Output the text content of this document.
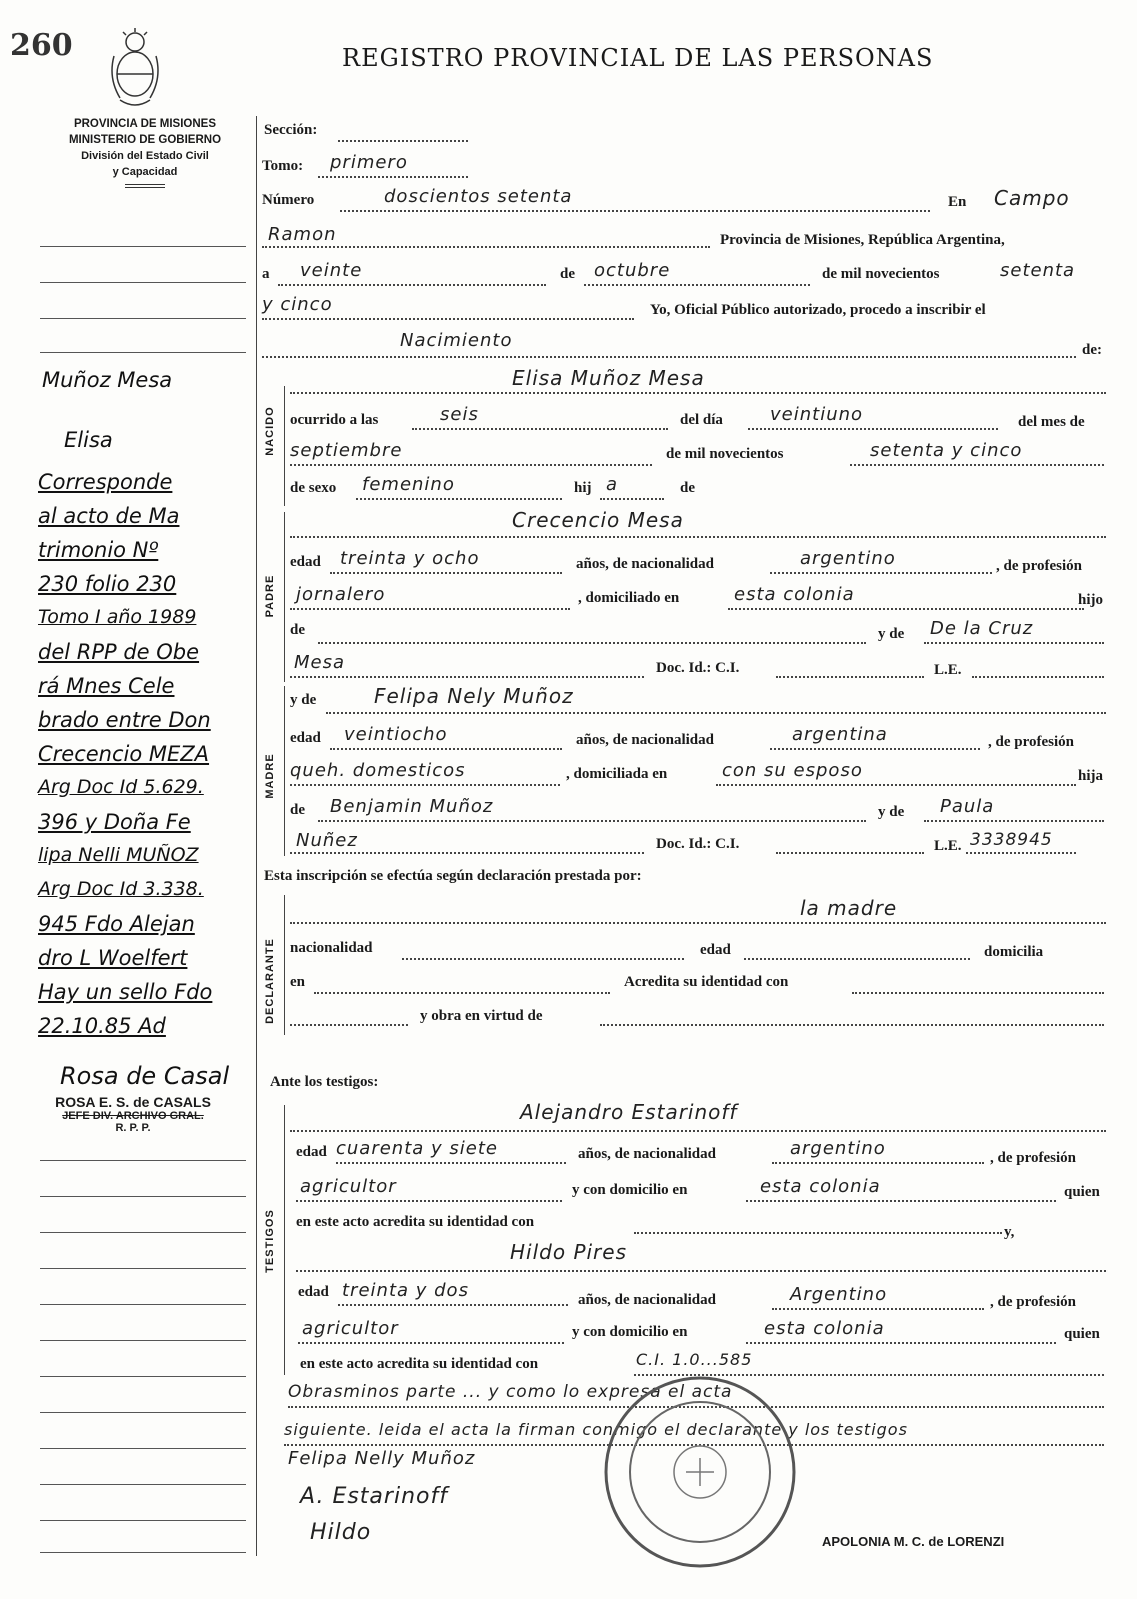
260	REGISTRO PROVINCIAL DE LAS PERSONAS
PROVINCIA DE MISIONES
MINISTERIO DE GOBIERNO
División del Estado Civil
y Capacidad
NACIDO
PADRE
MADRE
DECLARANTE
TESTIGOS
Muñoz Mesa
Elisa
Corresponde
al acto de Ma
trimonio Nº
230 folio 230
Tomo I año 1989
del RPP de Obe
rá Mnes Cele
brado entre Don
Crecencio MEZA
Arg Doc Id 5.629.
396 y Doña Fe
lipa Nelli MUÑOZ
Arg Doc Id 3.338.
945 Fdo Alejan
dro L Woelfert
Hay un sello Fdo
22.10.85 Ad
Rosa de Casal
ROSA E. S. de CASALS
JEFE DIV. ARCHIVO GRAL.
R. P. P.
Sección:
Tomo: primero
Número	doscientos setenta	En Campo
Ramon	Provincia de Misiones, República Argentina,
a veinte	de octubre	de mil novecientos	setenta
y cinco	Yo, Oficial Público autorizado, procedo a inscribir el
Nacimiento	de:
Elisa Muñoz Mesa
ocurrido a las	seis	del día	veintiuno	del mes de
septiembre	de mil novecientos	setenta y cinco
de sexo femenino	hij a	de
Crecencio Mesa
edad treinta y ocho	años, de nacionalidad	argentino	, de profesión
jornalero	, domiciliado en	esta colonia	hijo
de	y de De la Cruz
Mesa	Doc. Id.: C.I.	L.E.
y de	Felipa Nely Muñoz
edad veintiocho	años, de nacionalidad	argentina	, de profesión
queh. domesticos	, domiciliada en	con su esposo	hija
de Benjamin Muñoz	y de Paula
Nuñez	Doc. Id.: C.I.	L.E. 3338945
Esta inscripción se efectúa según declaración prestada por:
la madre
nacionalidad	edad	domicilia
en	Acredita su identidad con
y obra en virtud de
Ante los testigos:
Alejandro Estarinoff
edad cuarenta y siete	años, de nacionalidad	argentino	, de profesión
agricultor	y con domicilio en	esta colonia	quien
en este acto acredita su identidad con
y,
Hildo Pires
edad treinta y dos	años, de nacionalidad	Argentino	, de profesión
agricultor	y con domicilio en	esta colonia	quien
en este acto acredita su identidad con	C.I. 1.0...585
Obrasminos parte ... y como lo expresa el acta
siguiente. leida el acta la firman conmigo el declarante y los testigos
Felipa Nelly Muñoz
A. Estarinoff
Hildo	APOLONIA M. C. de LORENZI
